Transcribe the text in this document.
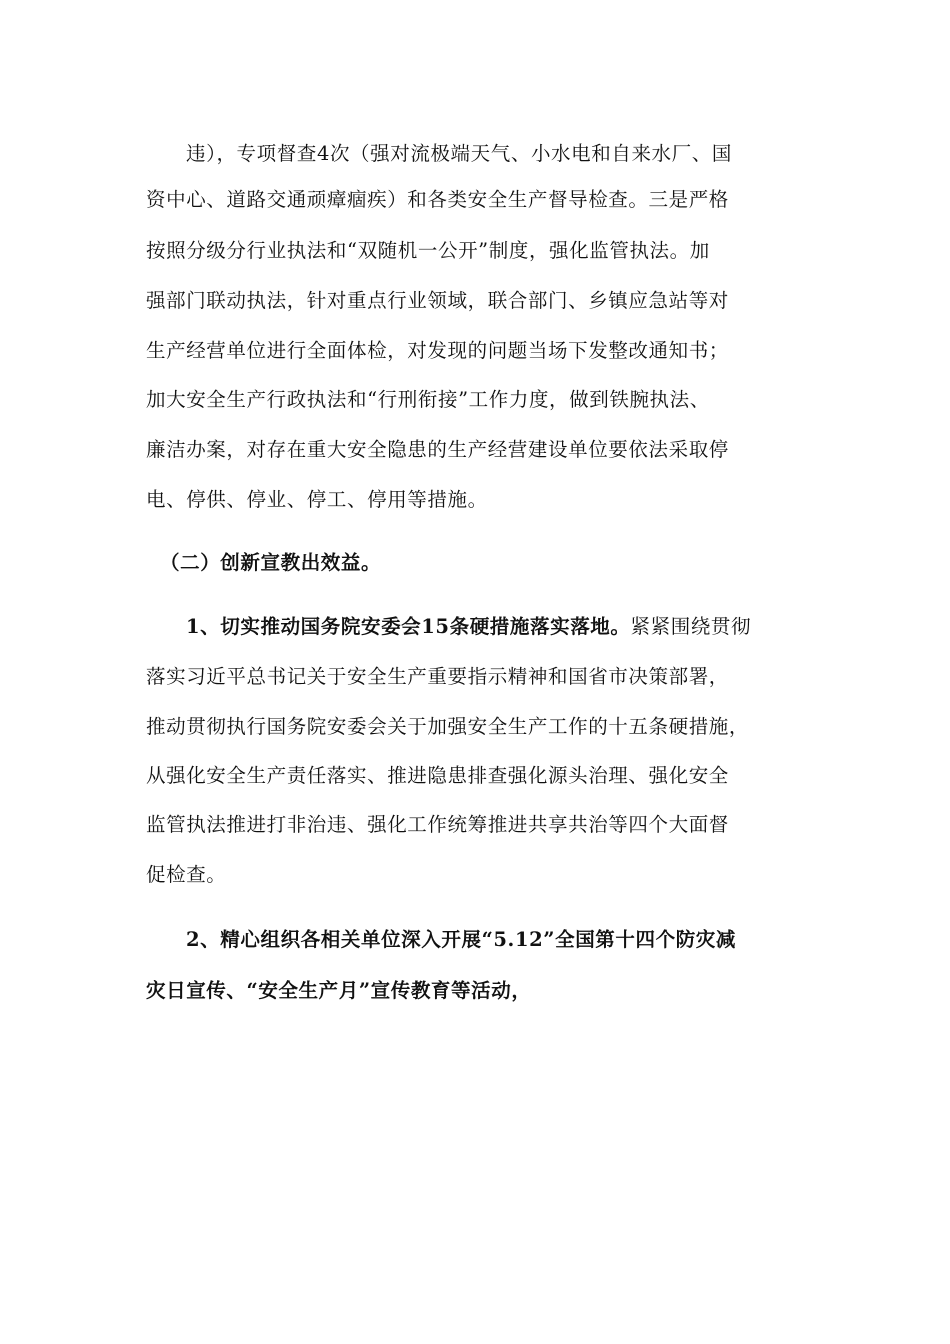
违），专项督查4次（强对流极端天气、小水电和自来水厂、国
资中心、道路交通顽瘴痼疾）和各类安全生产督导检查。三是严格
按照分级分行业执法和“双随机一公开”制度，强化监管执法。加
强部门联动执法，针对重点行业领域，联合部门、乡镇应急站等对
生产经营单位进行全面体检，对发现的问题当场下发整改通知书；
加大安全生产行政执法和“行刑衔接”工作力度，做到铁腕执法、
廉洁办案，对存在重大安全隐患的生产经营建设单位要依法采取停
电、停供、停业、停工、停用等措施。
（二）创新宣教出效益。
1、切实推动国务院安委会15条硬措施落实落地。紧紧围绕贯彻
落实习近平总书记关于安全生产重要指示精神和国省市决策部署，
推动贯彻执行国务院安委会关于加强安全生产工作的十五条硬措施，
从强化安全生产责任落实、推进隐患排查强化源头治理、强化安全
监管执法推进打非治违、强化工作统筹推进共享共治等四个大面督
促检查。
2、精心组织各相关单位深入开展“5.12”全国第十四个防灾减
灾日宣传、“安全生产月”宣传教育等活动，
